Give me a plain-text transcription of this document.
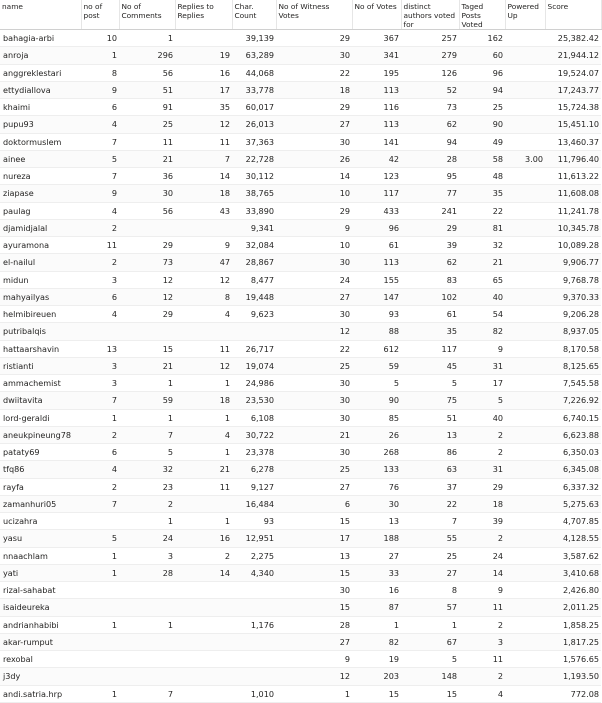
name	no of post	No of Comments	Replies to Replies	Char. Count	No of Witness Votes	No of Votes	distinct authors voted for	Taged Posts Voted	Powered Up	Score
bahagia-arbi	10	1		39,139	29	367	257	162		25,382.42
anroja	1	296	19	63,289	30	341	279	60		21,944.12
anggreklestari	8	56	16	44,068	22	195	126	96		19,524.07
ettydiallova	9	51	17	33,778	18	113	52	94		17,243.77
khaimi	6	91	35	60,017	29	116	73	25		15,724.38
pupu93	4	25	12	26,013	27	113	62	90		15,451.10
doktormuslem	7	11	11	37,363	30	141	94	49		13,460.37
ainee	5	21	7	22,728	26	42	28	58	3.00	11,796.40
nureza	7	36	14	30,112	14	123	95	48		11,613.22
ziapase	9	30	18	38,765	10	117	77	35		11,608.08
paulag	4	56	43	33,890	29	433	241	22		11,241.78
djamidjalal	2			9,341	9	96	29	81		10,345.78
ayuramona	11	29	9	32,084	10	61	39	32		10,089.28
el-nailul	2	73	47	28,867	30	113	62	21		9,906.77
midun	3	12	12	8,477	24	155	83	65		9,768.78
mahyailyas	6	12	8	19,448	27	147	102	40		9,370.33
helmibireuen	4	29	4	9,623	30	93	61	54		9,206.28
putribalqis					12	88	35	82		8,937.05
hattaarshavin	13	15	11	26,717	22	612	117	9		8,170.58
ristianti	3	21	12	19,074	25	59	45	31		8,125.65
ammachemist	3	1	1	24,986	30	5	5	17		7,545.58
dwiitavita	7	59	18	23,530	30	90	75	5		7,226.92
lord-geraldi	1	1	1	6,108	30	85	51	40		6,740.15
aneukpineung78	2	7	4	30,722	21	26	13	2		6,623.88
pataty69	6	5	1	23,378	30	268	86	2		6,350.03
tfq86	4	32	21	6,278	25	133	63	31		6,345.08
rayfa	2	23	11	9,127	27	76	37	29		6,337.32
zamanhuri05	7	2		16,484	6	30	22	18		5,275.63
ucizahra		1	1	93	15	13	7	39		4,707.85
yasu	5	24	16	12,951	17	188	55	2		4,128.55
nnaachlam	1	3	2	2,275	13	27	25	24		3,587.62
yati	1	28	14	4,340	15	33	27	14		3,410.68
rizal-sahabat					30	16	8	9		2,426.80
isaideureka					15	87	57	11		2,011.25
andrianhabibi	1	1		1,176	28	1	1	2		1,858.25
akar-rumput					27	82	67	3		1,817.25
rexobal					9	19	5	11		1,576.65
j3dy					12	203	148	2		1,193.50
andi.satria.hrp	1	7		1,010	1	15	15	4		772.08
